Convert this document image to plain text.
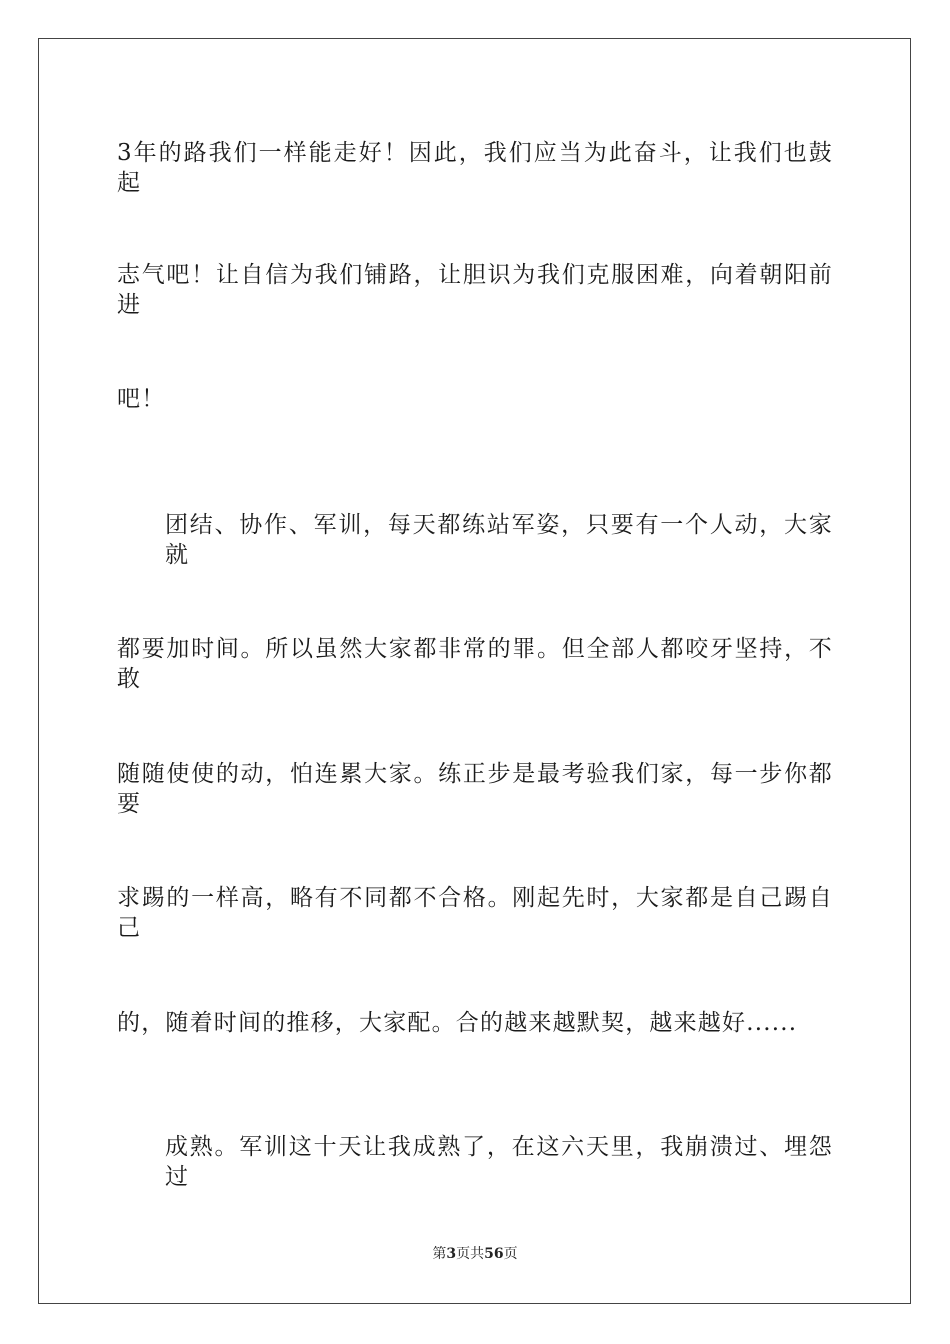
3年的路我们一样能走好！因此，我们应当为此奋斗，让我们也鼓起
志气吧！让自信为我们铺路，让胆识为我们克服困难，向着朝阳前进
吧！
团结、协作、军训，每天都练站军姿，只要有一个人动，大家就
都要加时间。所以虽然大家都非常的罪。但全部人都咬牙坚持，不敢
随随使使的动，怕连累大家。练正步是最考验我们家，每一步你都要
求踢的一样高，略有不同都不合格。刚起先时，大家都是自己踢自己
的，随着时间的推移，大家配。合的越来越默契，越来越好......
成熟。军训这十天让我成熟了，在这六天里，我崩溃过、埋怨过
第3页共56页
